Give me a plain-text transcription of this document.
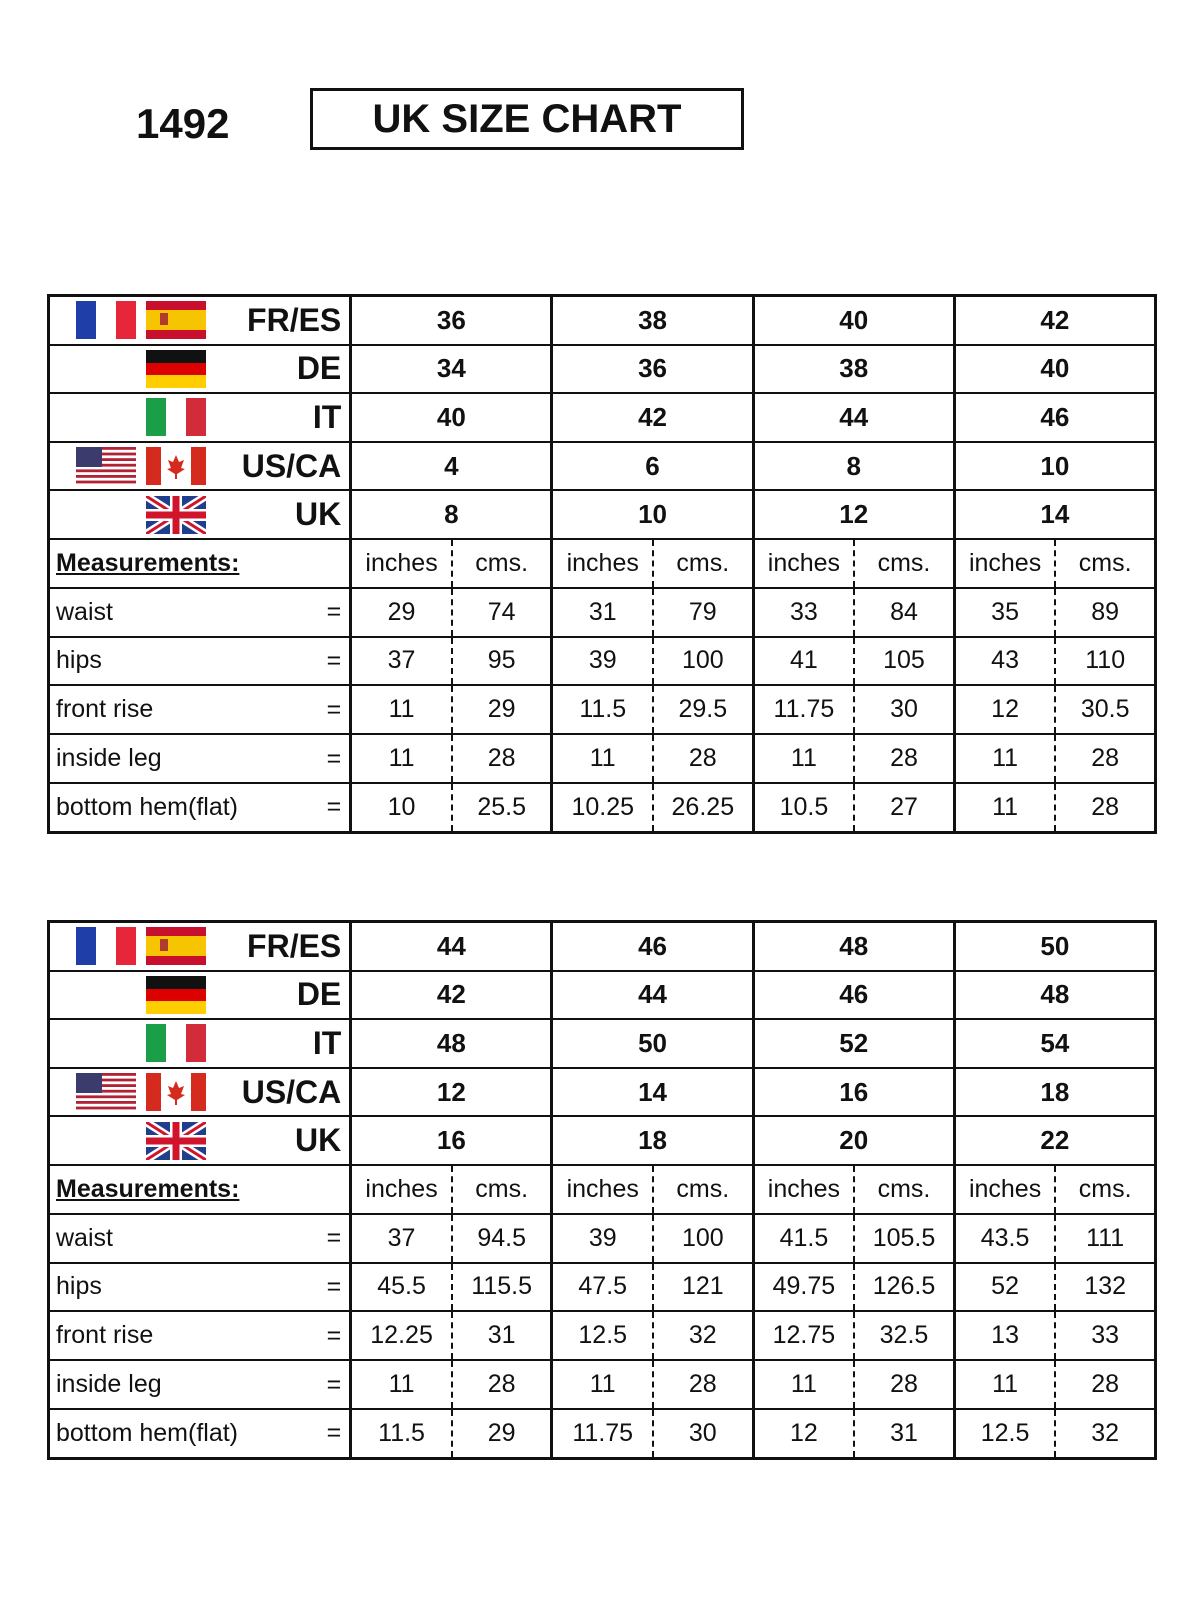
1492	UK SIZE CHART
FR/ES	36		38		40		42	

DE	34		36		38		40	

IT	40		42		44		46	

US/CA	4		6		8		10	

UK	8		10		12		14	
Measurements:	inches	cms.	inches	cms.	inches	cms.	inches	cms.
waist =	29	74	31	79	33	84	35	89
hips =	37	95	39	100	41	105	43	110
front rise =	11	29	11.5	29.5	11.75	30	12	30.5
inside leg =	11	28	11	28	11	28	11	28
bottom hem(flat) =	10	25.5	10.25	26.25	10.5	27	11	28
FR/ES	44		46		48		50	

DE	42		44		46		48	

IT	48		50		52		54	

US/CA	12		14		16		18	

UK	16		18		20		22	
Measurements:	inches	cms.	inches	cms.	inches	cms.	inches	cms.
waist =	37	94.5	39	100	41.5	105.5	43.5	111
hips =	45.5	115.5	47.5	121	49.75	126.5	52	132
front rise =	12.25	31	12.5	32	12.75	32.5	13	33
inside leg =	11	28	11	28	11	28	11	28
bottom hem(flat) =	11.5	29	11.75	30	12	31	12.5	32
